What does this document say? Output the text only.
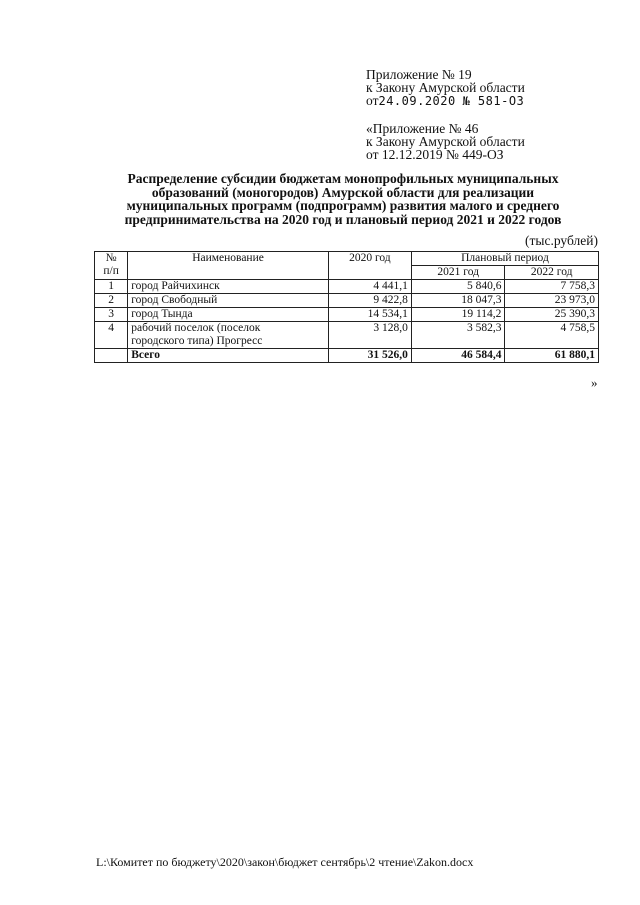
Приложение № 19
к Закону Амурской области
от24.09.2020 № 581-ОЗ
«Приложение № 46
к Закону Амурской области
от 12.12.2019 № 449-ОЗ
Распределение субсидии бюджетам монопрофильных муниципальных
образований (моногородов) Амурской области для реализации
муниципальных программ (подпрограмм) развития малого и среднего
предпринимательства на 2020 год и плановый период 2021 и 2022 годов
(тыс.рублей)
№
п/п	Наименование	2020 год	Плановый период	
			2021 год	2022 год
1	город Райчихинск	4 441,1	5 840,6	7 758,3
2	город Свободный	9 422,8	18 047,3	23 973,0
3	город Тында	14 534,1	19 114,2	25 390,3
4	рабочий поселок (поселок
городского типа) Прогресс	3 128,0	3 582,3	4 758,5
	Всего	31 526,0	46 584,4	61 880,1
»
L:\Комитет по бюджету\2020\закон\бюджет сентябрь\2 чтение\Zakon.docx
